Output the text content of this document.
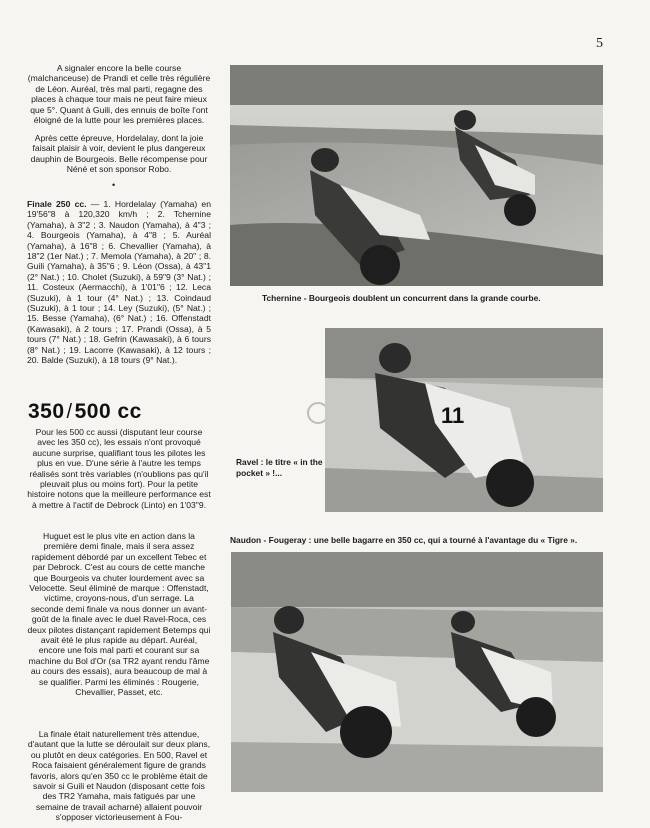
5

A signaler encore la belle course (malchanceuse) de Prandi et celle très régulière de Léon. Auréal, très mal parti, regagne des places à chaque tour mais ne peut faire mieux que 5°. Quant à Guili, des ennuis de boîte l'ont éloigné de la lutte pour les premières places.

Après cette épreuve, Hordelalay, dont la joie faisait plaisir à voir, devient le plus dangereux dauphin de Bourgeois. Belle récompense pour Néné et son sponsor Robo.

•

Finale 250 cc. — 1. Hordelalay (Yamaha) en 19'56"8 à 120,320 km/h ; 2. Tchernine (Yamaha), à 3"2 ; 3. Naudon (Yamaha), à 4"3 ; 4. Bourgeois (Yamaha), à 4"8 ; 5. Auréal (Yamaha), à 16"8 ; 6. Chevallier (Yamaha), à 18"2 (1er Nat.) ; 7. Memola (Yamaha), à 20" ; 8. Guili (Yamaha), à 35"6 ; 9. Léon (Ossa), à 43"1 (2° Nat.) ; 10. Cholet (Suzuki), à 59"9 (3° Nat.) ; 11. Costeux (Aermacchi), à 1'01"6 ; 12. Leca (Suzuki), à 1 tour (4° Nat.) ; 13. Coindaud (Suzuki), à 1 tour ; 14. Ley (Suzuki), (5° Nat.) ; 15. Besse (Yamaha), (6° Nat.) ; 16. Offenstadt (Kawasaki), à 2 tours ; 17. Prandi (Ossa), à 5 tours (7° Nat.) ; 18. Gefrin (Kawasaki), à 6 tours (8° Nat.) ; 19. Lacorre (Kawasaki), à 12 tours ; 20. Balde (Suzuki), à 18 tours (9° Nat.).

350 / 500 cc

Pour les 500 cc aussi (disputant leur course avec les 350 cc), les essais n'ont provoqué aucune surprise, qualifiant tous les pilotes les plus en vue. D'une série à l'autre les temps réalisés sont très variables (n'oublions pas qu'il pleuvait plus ou moins fort). Pour la petite histoire notons que la meilleure performance est à mettre à l'actif de Debrock (Linto) en 1'03"9.

Huguet est le plus vite en action dans la première demi finale, mais il sera assez rapidement débordé par un excellent Tebec et par Debrock. C'est au cours de cette manche que Bourgeois va chuter lourdement avec sa Velocette. Seul éliminé de marque : Offenstadt, victime, croyons-nous, d'un serrage. La seconde demi finale va nous donner un avant-goût de la finale avec le duel Ravel-Roca, ces deux pilotes distançant rapidement Betemps qui avait été le plus rapide au départ. Auréal, encore une fois mal parti et courant sur sa machine du Bol d'Or (sa TR2 ayant rendu l'âme au cours des essais), aura beaucoup de mal à se qualifier. Parmi les éliminés : Rougerie, Chevallier, Passet, etc.

La finale était naturellement très attendue, d'autant que la lutte se déroulait sur deux plans, ou plutôt en deux catégories. En 500, Ravel et Roca faisaient généralement figure de grands favoris, alors qu'en 350 cc le problème était de savoir si Guili et Naudon (disposant cette fois des TR2 Yamaha, mais fatigués par une semaine de travail acharné) allaient pouvoir s'opposer victorieusement à Fou-

Tchernine - Bourgeois doublent un concurrent dans la grande courbe.
11
Ravel : le titre « in the pocket » !...
Naudon - Fougeray : une belle bagarre en 350 cc, qui a tourné à l'avantage du « Tigre ».
